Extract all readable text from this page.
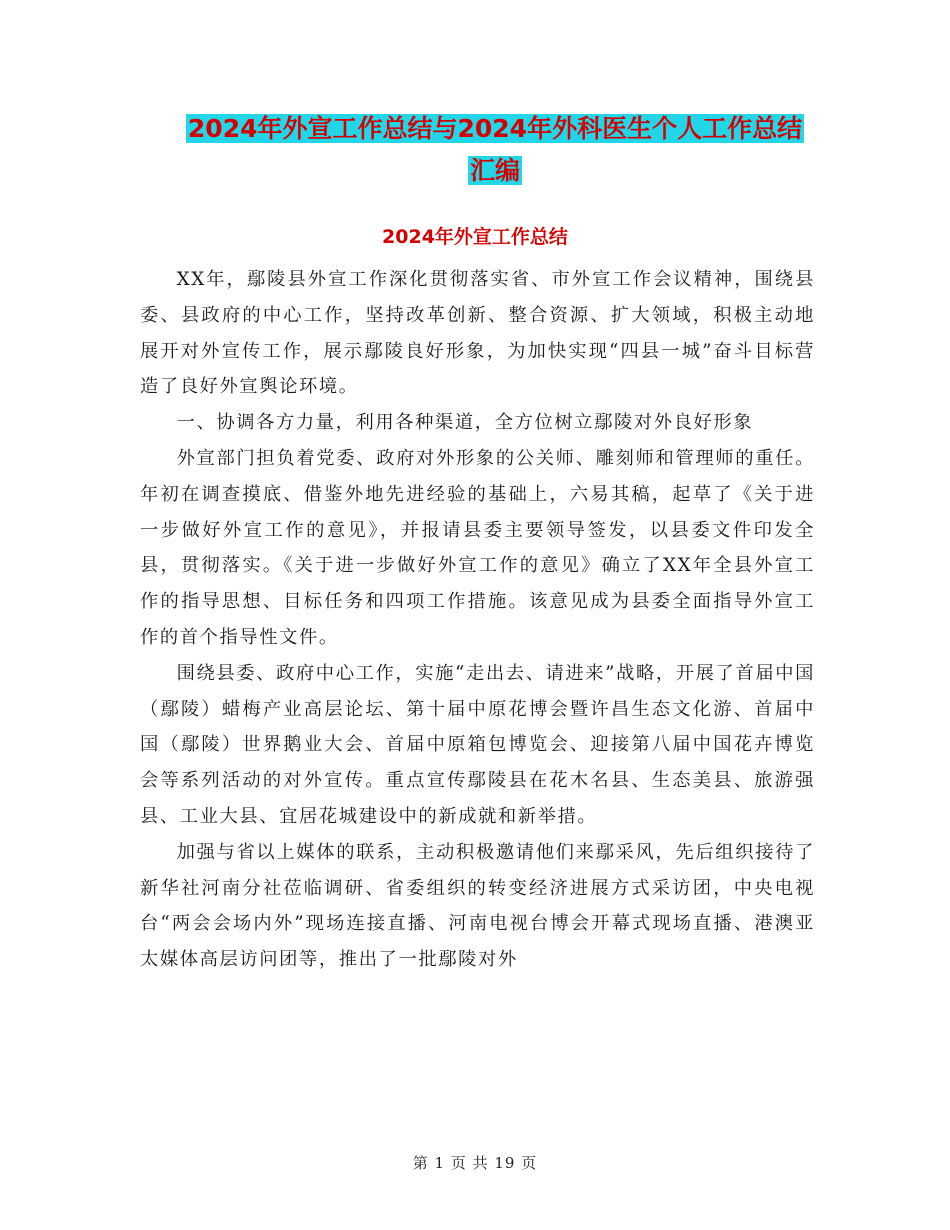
2024年外宣工作总结与2024年外科医生个人工作总结
汇编
2024年外宣工作总结

XX年，鄢陵县外宣工作深化贯彻落实省、市外宣工作会议精神，围绕县委、县政府的中心工作，坚持改革创新、整合资源、扩大领域，积极主动地展开对外宣传工作，展示鄢陵良好形象，为加快实现“四县一城”奋斗目标营造了良好外宣舆论环境。

一、协调各方力量，利用各种渠道，全方位树立鄢陵对外良好形象

外宣部门担负着党委、政府对外形象的公关师、雕刻师和管理师的重任。年初在调查摸底、借鉴外地先进经验的基础上，六易其稿，起草了《关于进一步做好外宣工作的意见》，并报请县委主要领导签发，以县委文件印发全县，贯彻落实。《关于进一步做好外宣工作的意见》确立了XX年全县外宣工作的指导思想、目标任务和四项工作措施。该意见成为县委全面指导外宣工作的首个指导性文件。

围绕县委、政府中心工作，实施“走出去、请进来”战略，开展了首届中国（鄢陵）蜡梅产业高层论坛、第十届中原花博会暨许昌生态文化游、首届中国（鄢陵）世界鹅业大会、首届中原箱包博览会、迎接第八届中国花卉博览会等系列活动的对外宣传。重点宣传鄢陵县在花木名县、生态美县、旅游强县、工业大县、宜居花城建设中的新成就和新举措。

加强与省以上媒体的联系，主动积极邀请他们来鄢采风，先后组织接待了新华社河南分社莅临调研、省委组织的转变经济进展方式采访团，中央电视台“两会会场内外”现场连接直播、河南电视台博会开幕式现场直播、港澳亚太媒体高层访问团等，推出了一批鄢陵对外

第 1 页 共 19 页
